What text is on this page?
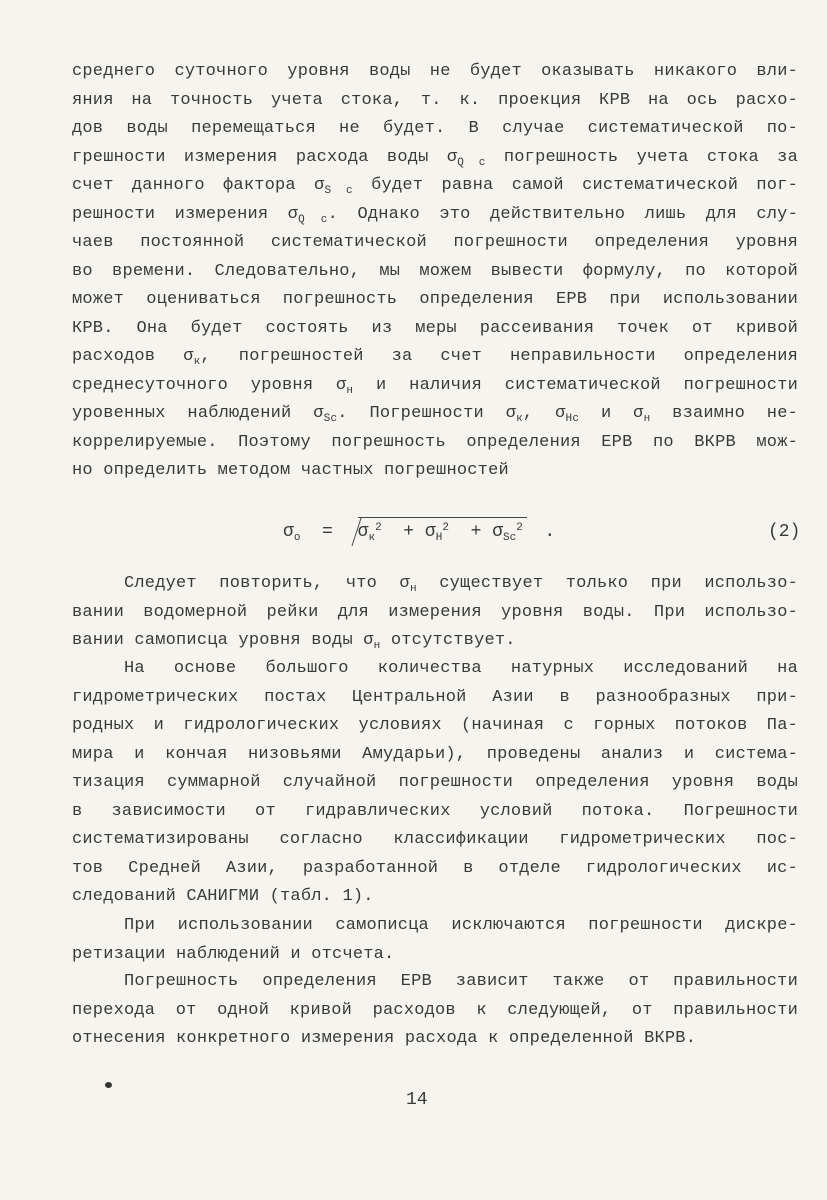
среднего суточного уровня воды не будет оказывать никакого вли-
яния на точность учета стока, т. к. проекция КРВ на ось расхо-
дов воды перемещаться не будет. В случае систематической по-
грешности измерения расхода воды $\sigma_{Q c}$ погрешность учета стока за
счет данного фактора $\sigma_{S c}$ будет равна самой систематической пог-
решности измерения $\sigma_{Q c}$. Однако это действительно лишь для слу-
чаев постоянной систематической погрешности определения уровня
во времени. Следовательно, мы можем вывести формулу, по которой
может оцениваться погрешность определения ЕРВ при использовании
КРВ. Она будет состоять из меры рассеивания точек от кривой
расходов $\sigma_к$, погрешностей за счет неправильности определения
среднесуточного уровня $\sigma_н$ и наличия систематической погрешности
уровенных наблюдений $\sigma_{Sc}$. Погрешности $\sigma_к$, $\sigma_{Hc}$ и $\sigma_н$ взаимно не-
коррелируемые. Поэтому погрешность определения ЕРВ по ВКРВ мож-
но определить методом частных погрешностей
$\sigma_o = \sigma_к^2 + \sigma_H^2 + \sigma_{Sc}^2$ .	(2)
Следует повторить, что $\sigma_н$ существует только при использо-
вании водомерной рейки для измерения уровня воды. При использо-
вании самописца уровня воды $\sigma_н$ отсутствует.
На основе большого количества натурных исследований на
гидрометрических постах Центральной Азии в разнообразных при-
родных и гидрологических условиях (начиная с горных потоков Па-
мира и кончая низовьями Амударьи), проведены анализ и система-
тизация суммарной случайной погрешности определения уровня воды
в зависимости от гидравлических условий потока. Погрешности
систематизированы согласно классификации гидрометрических пос-
тов Средней Азии, разработанной в отделе гидрологических ис-
следований САНИГМИ (табл. 1).
При использовании самописца исключаются погрешности дискре-
ретизации наблюдений и отсчета.
Погрешность определения ЕРВ зависит также от правильности
перехода от одной кривой расходов к следующей, от правильности
отнесения конкретного измерения расхода к определенной ВКРВ.
14
